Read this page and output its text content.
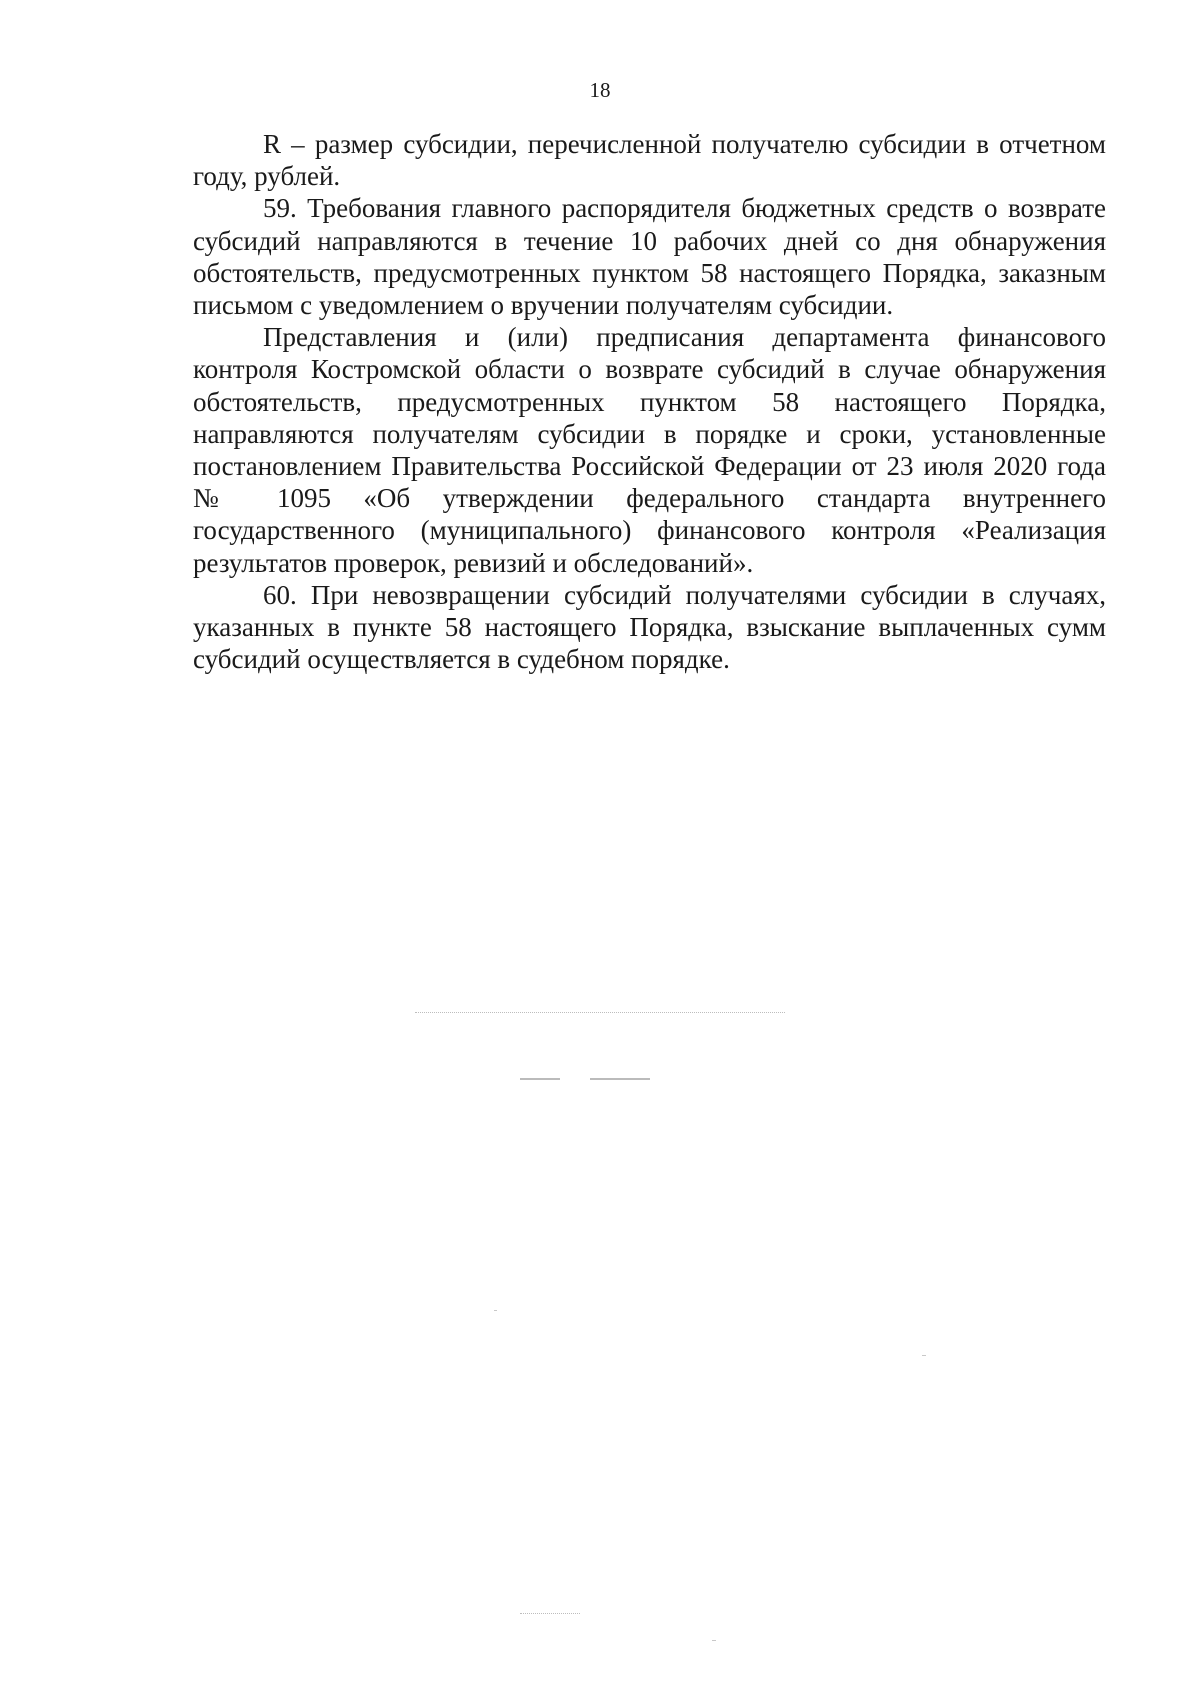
18

R – размер субсидии, перечисленной получателю субсидии в отчетном году, рублей.

59. Требования главного распорядителя бюджетных средств о возврате субсидий направляются в течение 10 рабочих дней со дня обнаружения обстоятельств, предусмотренных пунктом 58 настоящего Порядка, заказным письмом с уведомлением о вручении получателям субсидии.

Представления и (или) предписания департамента финансового контроля Костромской области о возврате субсидий в случае обнаружения обстоятельств, предусмотренных пунктом 58 настоящего Порядка, направляются получателям субсидии в порядке и сроки, установленные постановлением Правительства Российской Федерации от 23 июля 2020 года № 1095 «Об утверждении федерального стандарта внутреннего государственного (муниципального) финансового контроля «Реализация результатов проверок, ревизий и обследований».

60. При невозвращении субсидий получателями субсидии в случаях, указанных в пункте 58 настоящего Порядка, взыскание выплаченных сумм субсидий осуществляется в судебном порядке.
